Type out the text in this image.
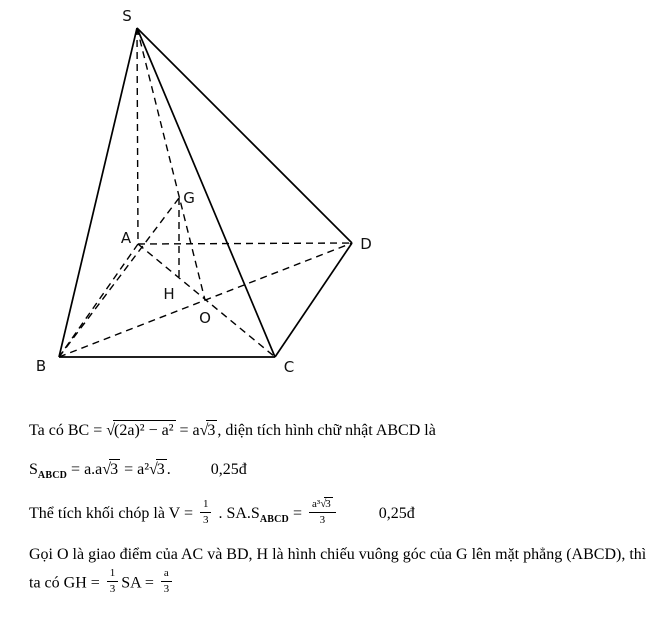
S
A
B	C
D
G
H
O
Ta có BC = √(2a)² − a² = a√3 , diện tích hình chữ nhật ABCD là
$S_{ABCD} = a.a√3 = a^2√3$ .	0,25đ
Thể tích khối chóp là $V = \frac{1}{3}$ . $SA.S_{ABCD} = \frac{\text{a³√3}}{3}$	0,25đ
Gọi O là giao điểm của AC và BD, H là hình chiếu vuông góc của G lên mặt phẳng (ABCD), thì
ta có GH = $\frac{1}{3}$ SA = $\frac{a}{3}$
